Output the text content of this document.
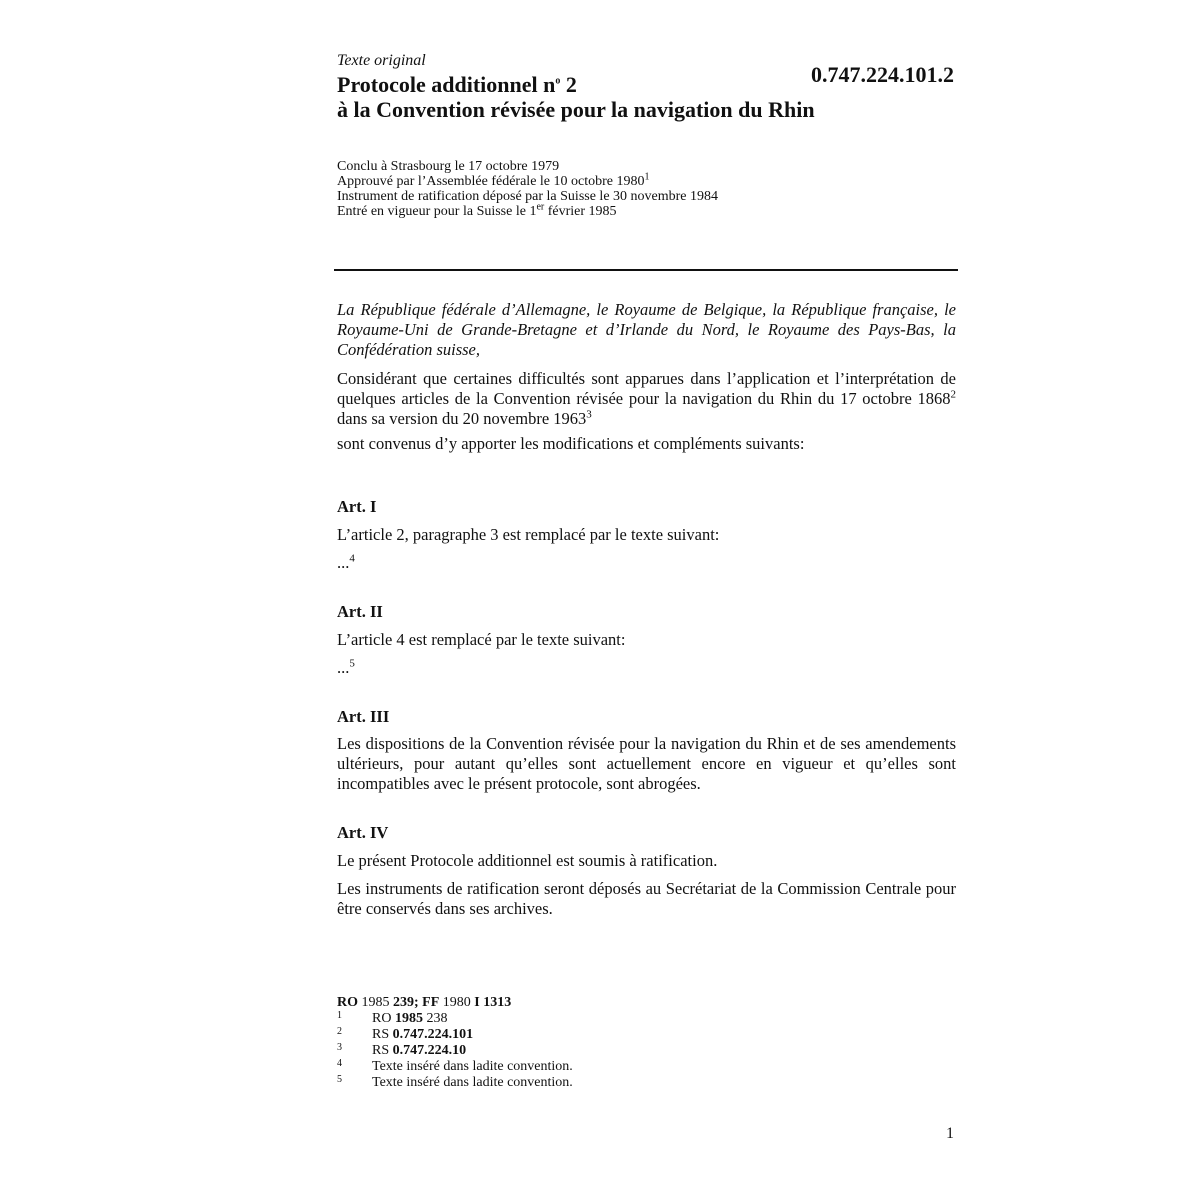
Texte original
Protocole additionnel $n^o$ 2
à la Convention révisée pour la navigation du Rhin
0.747.224.101.2
Conclu à Strasbourg le 17 octobre 1979
Approuvé par l’Assemblée fédérale le 10 octobre 1980$^1$
Instrument de ratification déposé par la Suisse le 30 novembre 1984
Entré en vigueur pour la Suisse le 1er février 1985
La République fédérale d’Allemagne, le Royaume de Belgique, la République française, le Royaume-Uni de Grande-Bretagne et d’Irlande du Nord, le Royaume des Pays-Bas, la Confédération suisse,
Considérant que certaines difficultés sont apparues dans l’application et l’interprétation de quelques articles de la Convention révisée pour la navigation du Rhin du 17 octobre 1868$^2$ dans sa version du 20 novembre 1963$^3$
sont convenus d’y apporter les modifications et compléments suivants:
Art. I
L’article 2, paragraphe 3 est remplacé par le texte suivant:
...$^4$
Art. II
L’article 4 est remplacé par le texte suivant:
...$^5$
Art. III
Les dispositions de la Convention révisée pour la navigation du Rhin et de ses amendements ultérieurs, pour autant qu’elles sont actuellement encore en vigueur et qu’elles sont incompatibles avec le présent protocole, sont abrogées.
Art. IV
Le présent Protocole additionnel est soumis à ratification.
Les instruments de ratification seront déposés au Secrétariat de la Commission Centrale pour être conservés dans ses archives.
RO 1985 239; FF 1980 I 1313
1	RO 1985 238
2	RS 0.747.224.101
3	RS 0.747.224.10
4	Texte inséré dans ladite convention.
5	Texte inséré dans ladite convention.
1
